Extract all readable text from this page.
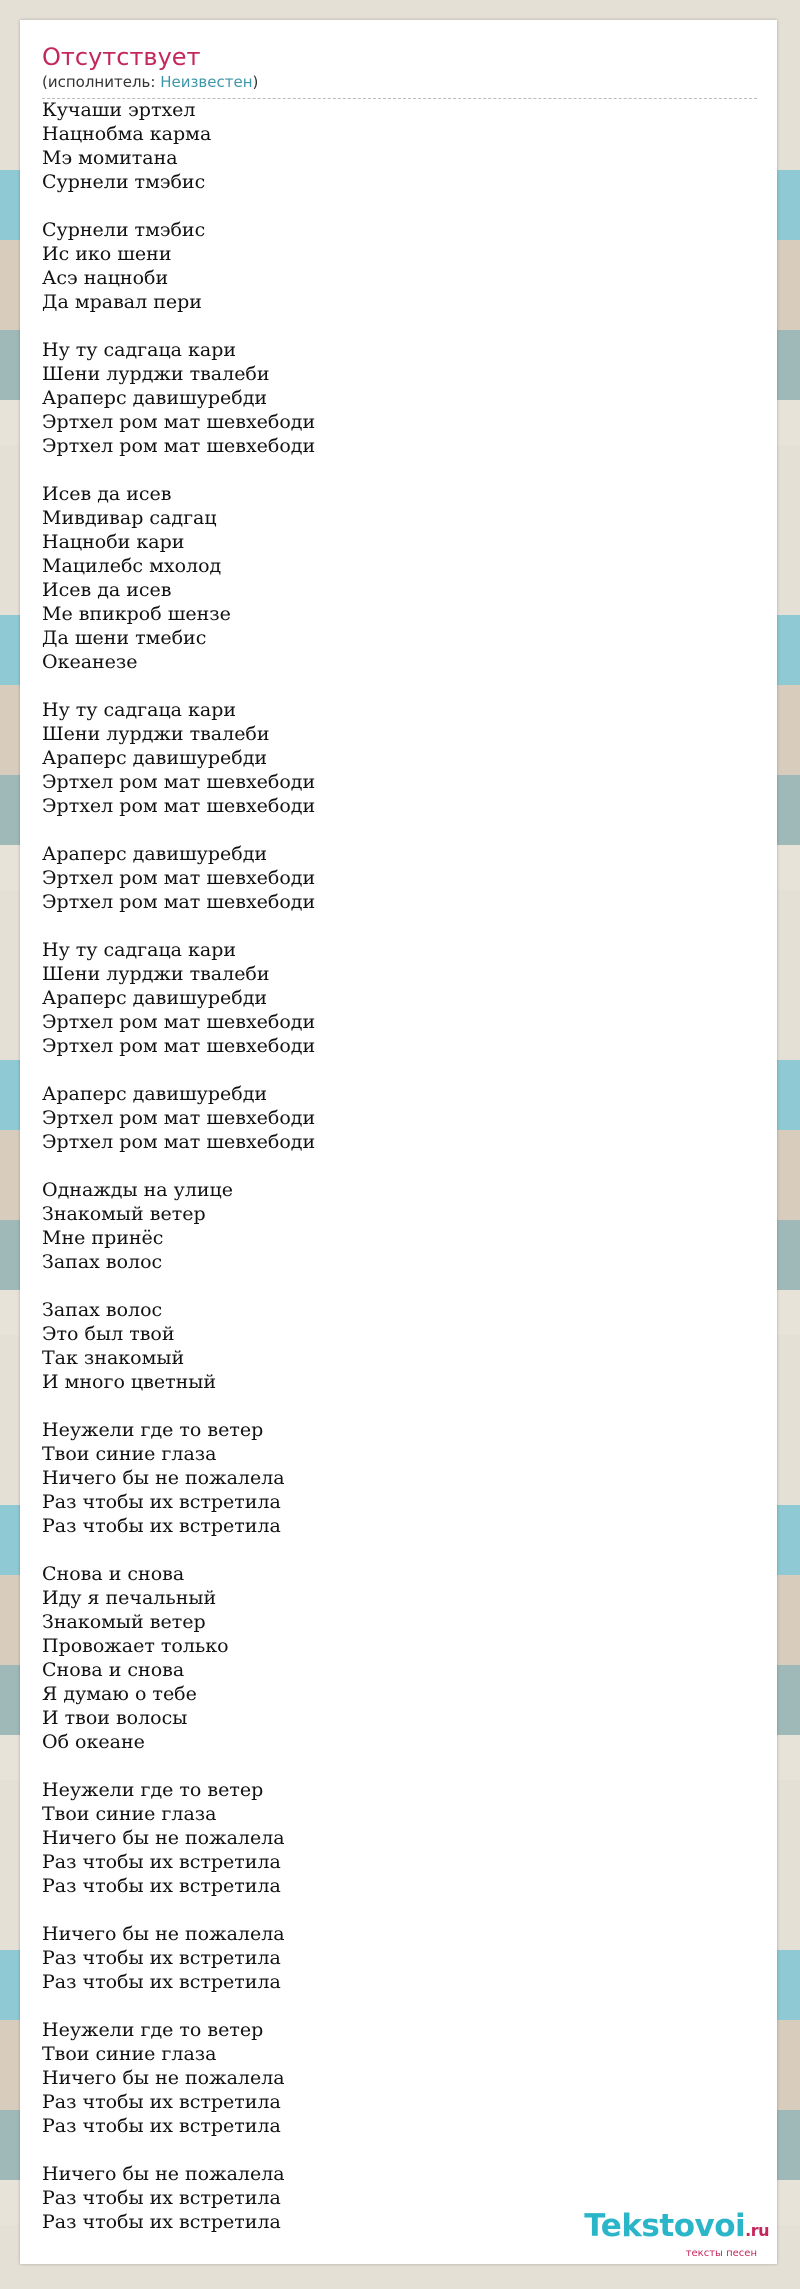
Отсутствует
(исполнитель: Неизвестен)
Кучаши эртхел
Нацнобма карма
Мэ момитана
Сурнели тмэбис
Сурнели тмэбис
Ис ико шени
Асэ нацноби
Да мравал пери
Ну ту садгаца кари
Шени лурджи твалеби
Араперс давишуребди
Эртхел ром мат шевхебоди
Эртхел ром мат шевхебоди
Исев да исев
Мивдивар садгац
Нацноби кари
Мацилебс мхолод
Исев да исев
Ме впикроб шензе
Да шени тмебис
Океанезе
Ну ту садгаца кари
Шени лурджи твалеби
Араперс давишуребди
Эртхел ром мат шевхебоди
Эртхел ром мат шевхебоди
Араперс давишуребди
Эртхел ром мат шевхебоди
Эртхел ром мат шевхебоди
Ну ту садгаца кари
Шени лурджи твалеби
Араперс давишуребди
Эртхел ром мат шевхебоди
Эртхел ром мат шевхебоди
Араперс давишуребди
Эртхел ром мат шевхебоди
Эртхел ром мат шевхебоди
Однажды на улице
Знакомый ветер
Мне принёс
Запах волос
Запах волос
Это был твой
Так знакомый
И много цветный
Неужели где то ветер
Твои синие глаза
Ничего бы не пожалела
Раз чтобы их встретила
Раз чтобы их встретила
Снова и снова
Иду я печальный
Знакомый ветер
Провожает только
Снова и снова
Я думаю о тебе
И твои волосы
Об океане
Неужели где то ветер
Твои синие глаза
Ничего бы не пожалела
Раз чтобы их встретила
Раз чтобы их встретила
Ничего бы не пожалела
Раз чтобы их встретила
Раз чтобы их встретила
Неужели где то ветер
Твои синие глаза
Ничего бы не пожалела
Раз чтобы их встретила
Раз чтобы их встретила
Ничего бы не пожалела
Раз чтобы их встретила
Раз чтобы их встретила	Tekstovoi.ru
тексты песен
